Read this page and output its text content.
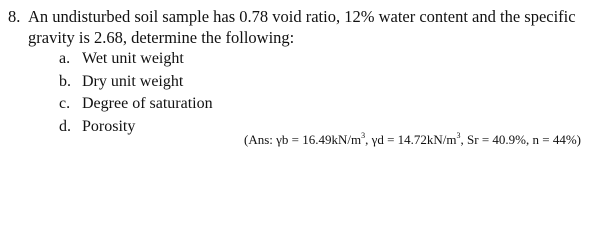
8. An undisturbed soil sample has 0.78 void ratio, 12% water content and the specific
gravity is 2.68, determine the following:
a. Wet unit weight
b. Dry unit weight
c. Degree of saturation
d. Porosity
(Ans: $\gamma b = 16.49kN/m^3$, $\gamma d = 14.72kN/m^3$, Sr = 40.9%, n = 44%)
